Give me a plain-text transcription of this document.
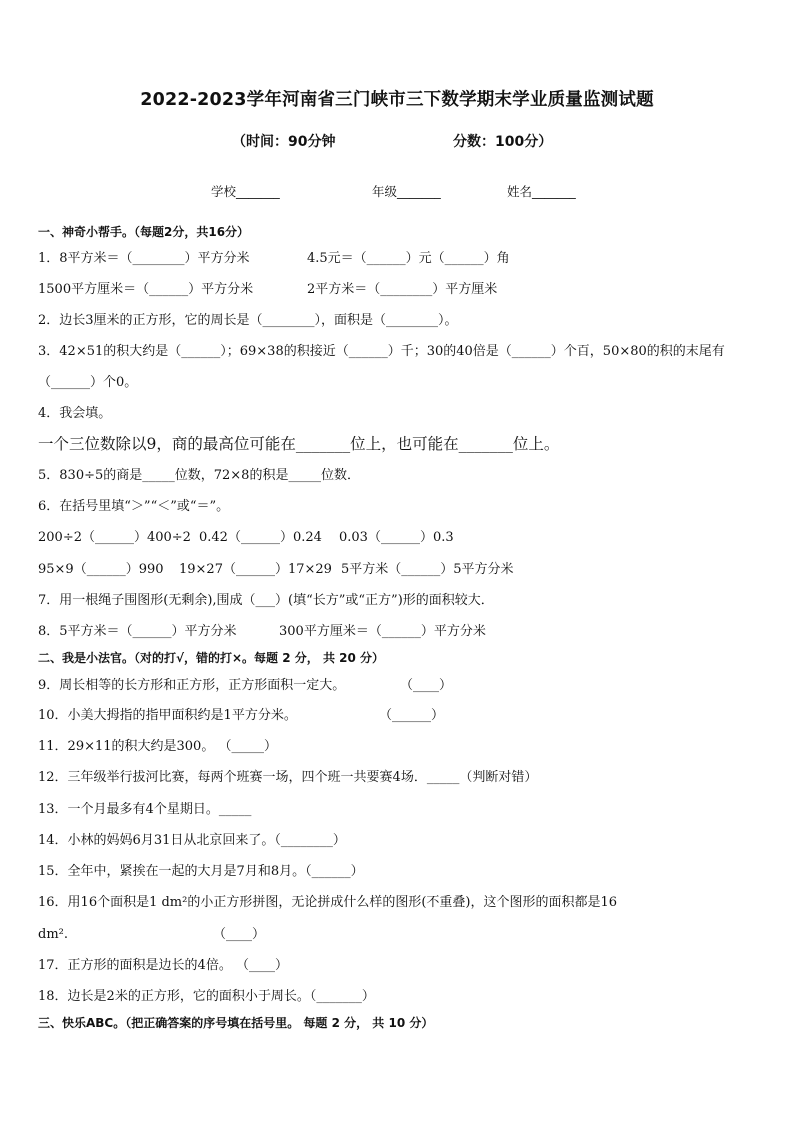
2022-2023学年河南省三门峡市三下数学期末学业质量监测试题
（时间：90分钟	分数：100分）
学校_______	年级_______	姓名_______
一、神奇小帮手。（每题2分，共16分）
1．8平方米＝（________）平方分米	4.5元＝（______）元（______）角
1500平方厘米＝（______）平方分米	2平方米＝（________）平方厘米
2．边长3厘米的正方形，它的周长是（________），面积是（________）。
3．42×51的积大约是（______）；69×38的积接近（______）千；30的40倍是（______）个百，50×80的积的末尾有
（______）个0。
4．我会填。
一个三位数除以9，商的最高位可能在_______位上，也可能在_______位上。
5．830÷5的商是_____位数，72×8的积是_____位数．
6．在括号里填“＞”“＜”或“＝”。
200÷2（______）400÷2 0.42（______）0.24 0.03（______）0.3
95×9（______）990 19×27（______）17×29 5平方米（______）5平方分米
7．用一根绳子围图形(无剩余),围成（___）(填“长方”或“正方”)形的面积较大．
8．5平方米＝（______）平方分米	300平方厘米＝（______）平方分米
二、我是小法官。（对的打√，错的打×。每题 2 分， 共 20 分）
9．周长相等的长方形和正方形，正方形面积一定大。	（____）
10．小美大拇指的指甲面积约是1平方分米。	（______）
11．29×11的积大约是300。 （_____）
12．三年级举行拔河比赛，每两个班赛一场，四个班一共要赛4场．_____（判断对错）
13．一个月最多有4个星期日。_____
14．小林的妈妈6月31日从北京回来了。（________）
15．全年中，紧挨在一起的大月是7月和8月。（______）
16．用16个面积是1 dm²的小正方形拼图，无论拼成什么样的图形(不重叠)，这个图形的面积都是16
dm².	（____）
17．正方形的面积是边长的4倍。 （____）
18．边长是2米的正方形，它的面积小于周长。（_______）
三、快乐ABC。（把正确答案的序号填在括号里。 每题 2 分， 共 10 分）
